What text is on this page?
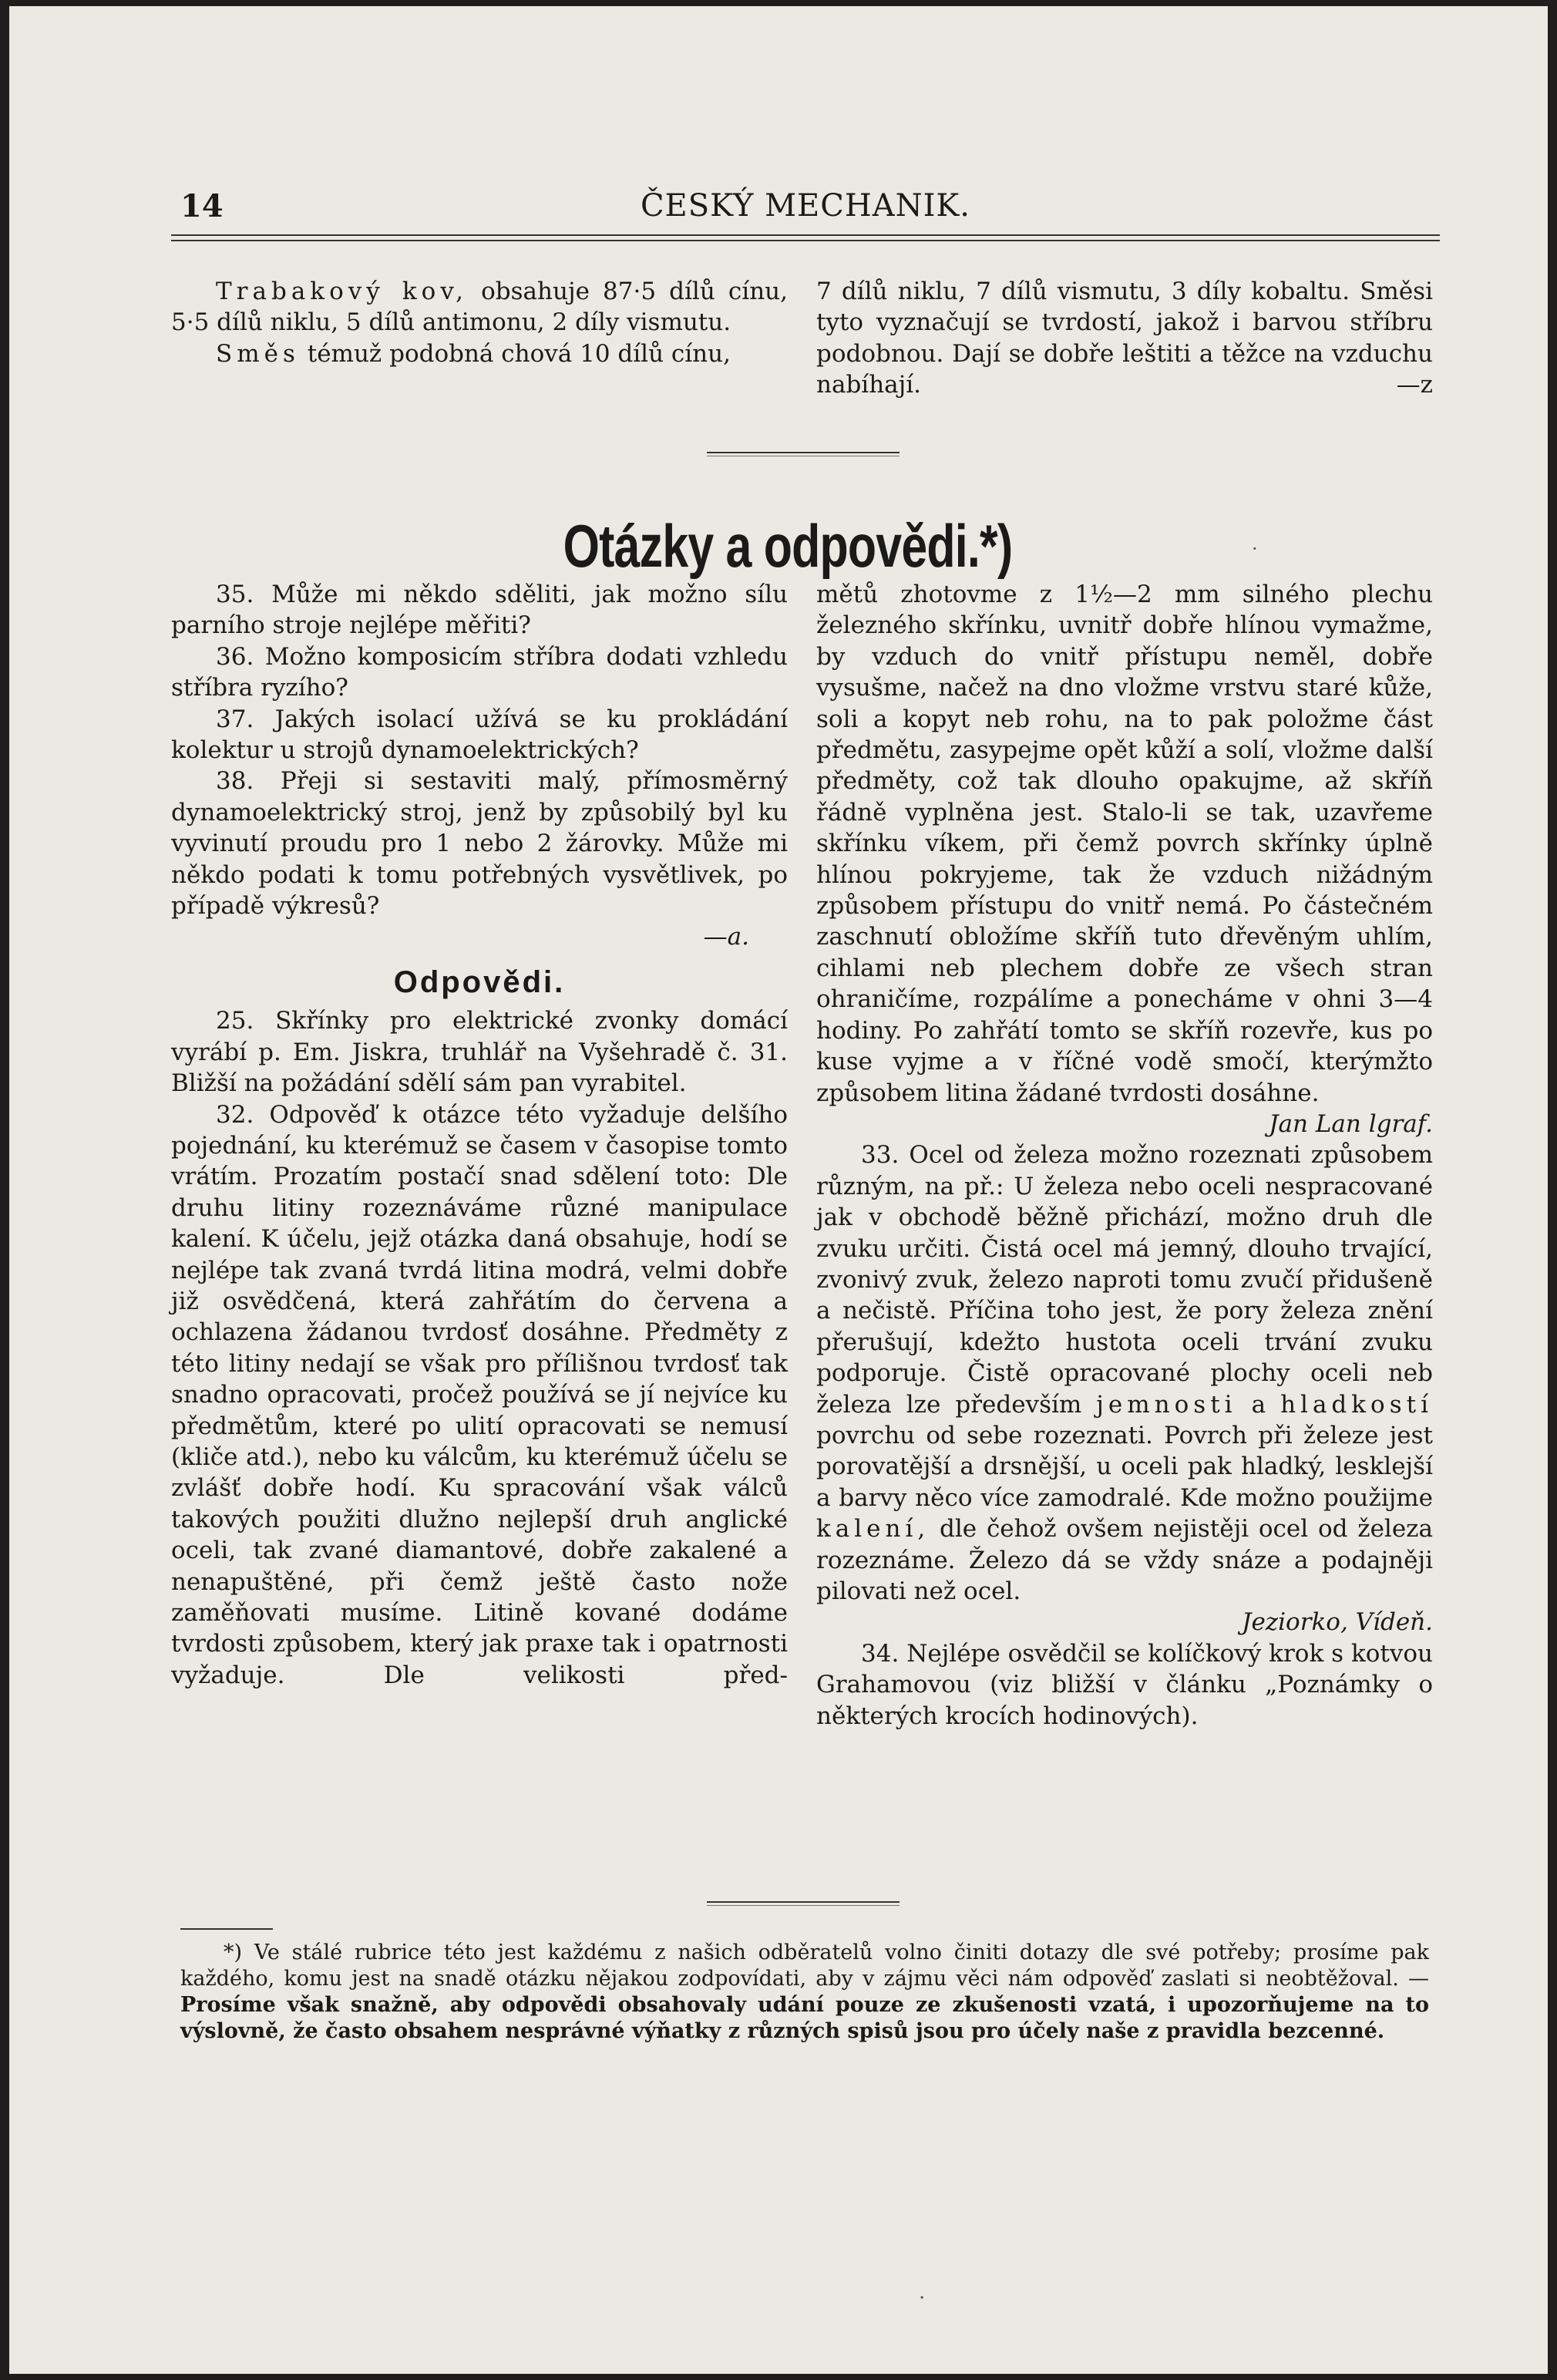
14	ČESKÝ MECHANIK.

Trabakový kov, obsahuje 87·5 dílů cínu, 5·5 dílů niklu, 5 dílů antimonu, 2 díly vismutu.

Směs témuž podobná chová 10 dílů cínu,

7 dílů niklu, 7 dílů vismutu, 3 díly kobaltu. Směsi tyto vyznačují se tvrdostí, jakož i barvou stříbru podobnou. Dají se dobře leštiti a těžce na vzduchu nabíhají.	—z

Otázky a odpovědi.*)	·

35. Může mi někdo sděliti, jak možno sílu parního stroje nejlépe měřiti?

36. Možno komposicím stříbra dodati vzhledu stříbra ryzího?

37. Jakých isolací užívá se ku prokládání kolektur u strojů dynamoelektrických?

38. Přeji si sestaviti malý, přímosměrný dynamoelektrický stroj, jenž by způsobilý byl ku vyvinutí proudu pro 1 nebo 2 žárovky. Může mi někdo podati k tomu potřebných vysvětlivek, po případě výkresů?

—a.

Odpovědi.

25. Skřínky pro elektrické zvonky domácí vyrábí p. Em. Jiskra, truhlář na Vyšehradě č. 31. Bližší na požádání sdělí sám pan vyrabitel.

32. Odpověď k otázce této vyžaduje delšího pojednání, ku kterémuž se časem v časopise tomto vrátím. Prozatím postačí snad sdělení toto: Dle druhu litiny rozeznáváme různé manipulace kalení. K účelu, jejž otázka daná obsahuje, hodí se nejlépe tak zvaná tvrdá litina modrá, velmi dobře již osvědčená, která zahřátím do červena a ochlazena žádanou tvrdosť dosáhne. Předměty z této litiny nedají se však pro přílišnou tvrdosť tak snadno opracovati, pročež používá se jí nejvíce ku předmětům, které po ulití opracovati se nemusí (kliče atd.), nebo ku válcům, ku kterémuž účelu se zvlášť dobře hodí. Ku spracování však válců takových použiti dlužno nejlepší druh anglické oceli, tak zvané diamantové, dobře zakalené a nenapuštěné, při čemž ještě často nože zaměňovati musíme. Litině kované dodáme tvrdosti způsobem, který jak praxe tak i opatrnosti vyžaduje. Dle velikosti před-

mětů zhotovme z 1½—2 mm silného plechu železného skřínku, uvnitř dobře hlínou vymažme, by vzduch do vnitř přístupu neměl, dobře vysušme, načež na dno vložme vrstvu staré kůže, soli a kopyt neb rohu, na to pak položme část předmětu, zasypejme opět kůží a solí, vložme další předměty, což tak dlouho opakujme, až skříň řádně vyplněna jest. Stalo-li se tak, uzavřeme skřínku víkem, při čemž povrch skřínky úplně hlínou pokryjeme, tak že vzduch nižádným způsobem přístupu do vnitř nemá. Po částečném zaschnutí obložíme skříň tuto dřevěným uhlím, cihlami neb plechem dobře ze všech stran ohraničíme, rozpálíme a ponecháme v ohni 3—4 hodiny. Po zahřátí tomto se skříň rozevře, kus po kuse vyjme a v říčné vodě smočí, kterýmžto způsobem litina žádané tvrdosti dosáhne.

Jan Lan lgraf.

33. Ocel od železa možno rozeznati způsobem různým, na př.: U železa nebo oceli nespracované jak v obchodě běžně přichází, možno druh dle zvuku určiti. Čistá ocel má jemný, dlouho trvající, zvonivý zvuk, železo naproti tomu zvučí přidušeně a nečistě. Příčina toho jest, že pory železa znění přerušují, kdežto hustota oceli trvání zvuku podporuje. Čistě opracované plochy oceli neb železa lze především jemnosti a hladkostí povrchu od sebe rozeznati. Povrch při železe jest porovatější a drsnější, u oceli pak hladký, lesklejší a barvy něco více zamodralé. Kde možno použijme kalení, dle čehož ovšem nejistěji ocel od železa rozeznáme. Železo dá se vždy snáze a podajněji pilovati než ocel.

Jeziorko, Vídeň.

34. Nejlépe osvědčil se kolíčkový krok s kotvou Grahamovou (viz bližší v článku „Poznámky o některých krocích hodinových).

*) Ve stálé rubrice této jest každému z našich odběratelů volno činiti dotazy dle své potřeby; prosíme pak každého, komu jest na snadě otázku nějakou zodpovídati, aby v zájmu věci nám odpověď zaslati si neobtěžoval. — Prosíme však snažně, aby odpovědi obsahovaly udání pouze ze zkušenosti vzatá, i upozorňujeme na to výslovně, že často obsahem nesprávné výňatky z různých spisů jsou pro účely naše z pravidla bezcenné.
·
